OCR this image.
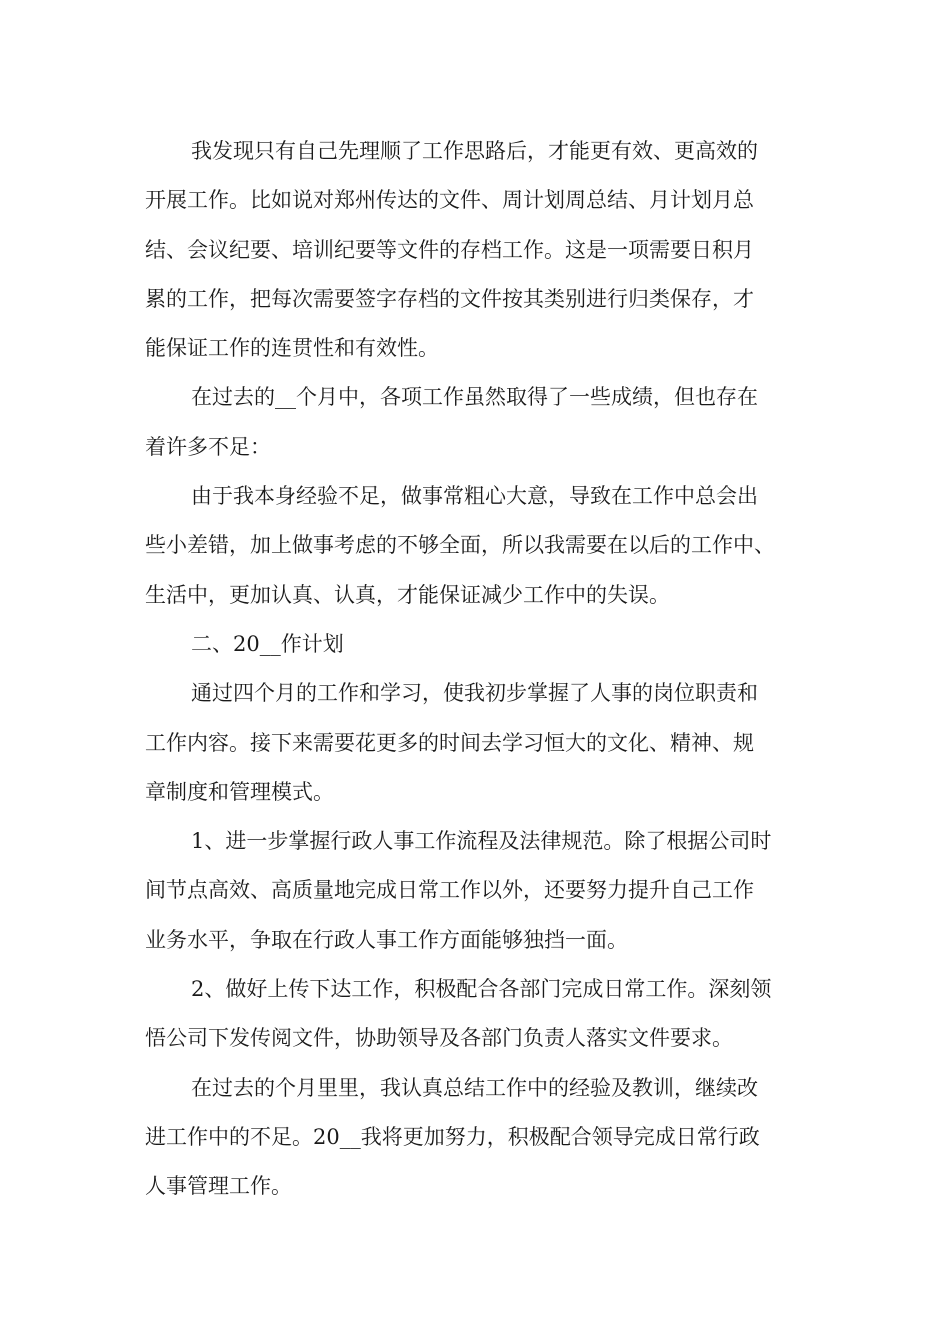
我发现只有自己先理顺了工作思路后，才能更有效、更高效的
开展工作。比如说对郑州传达的文件、周计划周总结、月计划月总
结、会议纪要、培训纪要等文件的存档工作。这是一项需要日积月
累的工作，把每次需要签字存档的文件按其类别进行归类保存，才
能保证工作的连贯性和有效性。

在过去的__个月中，各项工作虽然取得了一些成绩，但也存在
着许多不足：

由于我本身经验不足，做事常粗心大意，导致在工作中总会出
些小差错，加上做事考虑的不够全面，所以我需要在以后的工作中、
生活中，更加认真、认真，才能保证减少工作中的失误。

二、20__作计划

通过四个月的工作和学习，使我初步掌握了人事的岗位职责和
工作内容。接下来需要花更多的时间去学习恒大的文化、精神、规
章制度和管理模式。

1、进一步掌握行政人事工作流程及法律规范。除了根据公司时
间节点高效、高质量地完成日常工作以外，还要努力提升自己工作
业务水平，争取在行政人事工作方面能够独挡一面。

2、做好上传下达工作，积极配合各部门完成日常工作。深刻领
悟公司下发传阅文件，协助领导及各部门负责人落实文件要求。

在过去的个月里里，我认真总结工作中的经验及教训，继续改
进工作中的不足。20__我将更加努力，积极配合领导完成日常行政
人事管理工作。
